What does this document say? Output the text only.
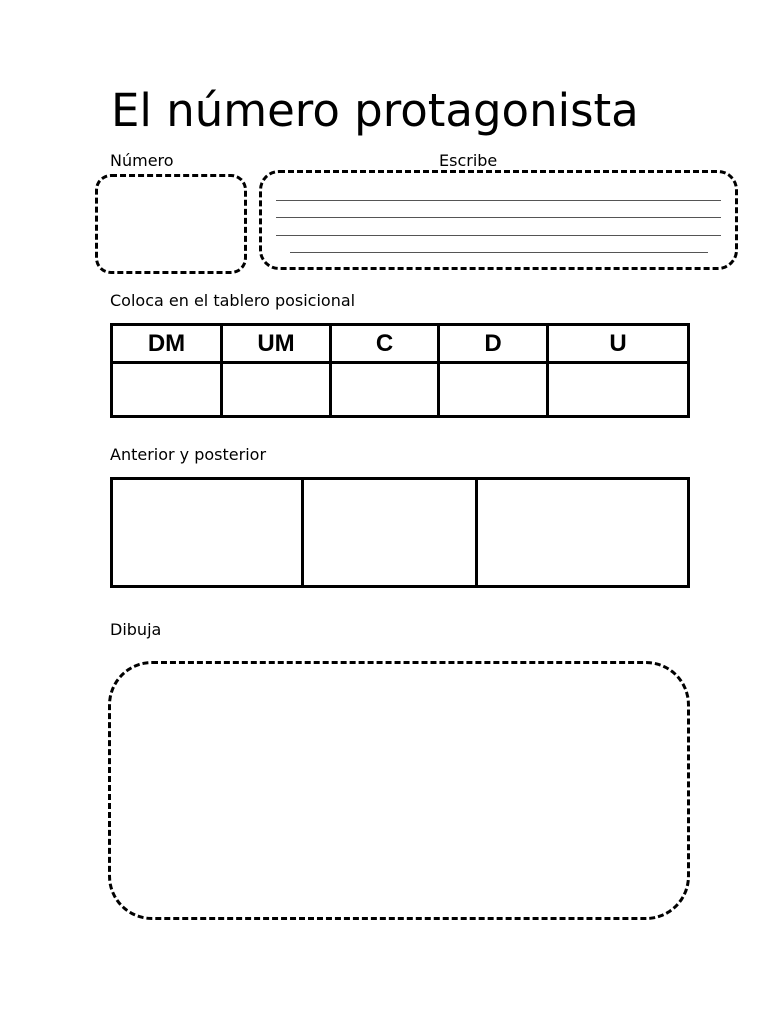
El número protagonista
Número	Escribe
Coloca en el tablero posicional
DM	UM	C	D	U

Anterior y posterior

Dibuja
